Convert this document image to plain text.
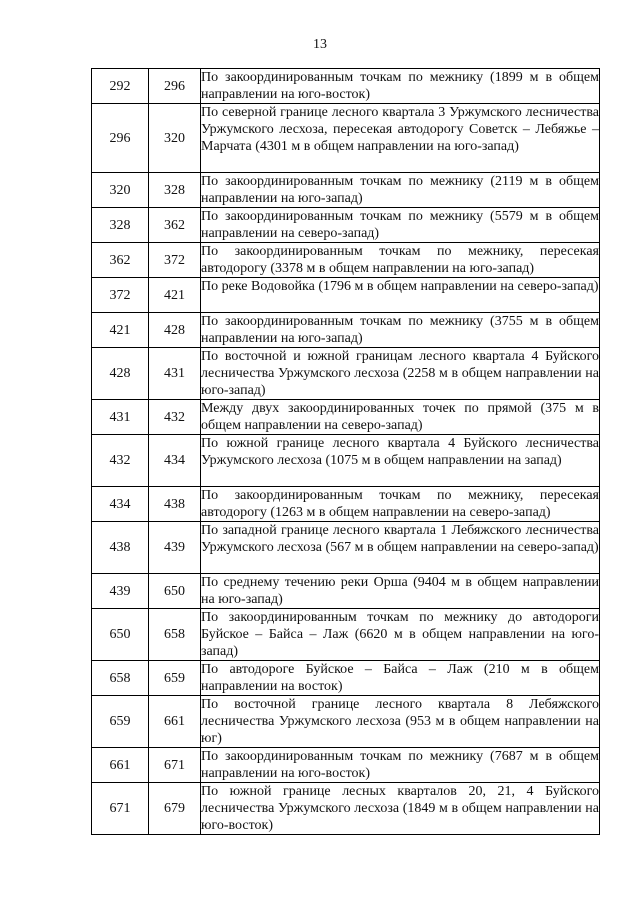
13
292	296	По закоординированным точкам по межнику (1899 м в общем направлении на юго-восток)
296	320	По северной границе лесного квартала 3 Уржумского лесничества Уржумского лесхоза, пересекая автодорогу Советск – Лебяжье – Марчата (4301 м в общем направлении на юго-запад)
320	328	По закоординированным точкам по межнику (2119 м в общем направлении на юго-запад)
328	362	По закоординированным точкам по межнику (5579 м в общем направлении на северо-запад)
362	372	По закоординированным точкам по межнику, пересекая автодорогу (3378 м в общем направлении на юго-запад)
372	421	По реке Водовойка (1796 м в общем направлении на северо-запад)
421	428	По закоординированным точкам по межнику (3755 м в общем направлении на юго-запад)
428	431	По восточной и южной границам лесного квартала 4 Буйского лесничества Уржумского лесхоза (2258 м в общем направлении на юго-запад)
431	432	Между двух закоординированных точек по прямой (375 м в общем направлении на северо-запад)
432	434	По южной границе лесного квартала 4 Буйского лесничества Уржумского лесхоза (1075 м в общем направлении на запад)
434	438	По закоординированным точкам по межнику, пересекая автодорогу (1263 м в общем направлении на северо-запад)
438	439	По западной границе лесного квартала 1 Лебяжского лесничества Уржумского лесхоза (567 м в общем направлении на северо-запад)
439	650	По среднему течению реки Орша (9404 м в общем направлении на юго-запад)
650	658	По закоординированным точкам по межнику до автодороги Буйское – Байса – Лаж (6620 м в общем направлении на юго-запад)
658	659	По автодороге Буйское – Байса – Лаж (210 м в общем направлении на восток)
659	661	По восточной границе лесного квартала 8 Лебяжского лесничества Уржумского лесхоза (953 м в общем направлении на юг)
661	671	По закоординированным точкам по межнику (7687 м в общем направлении на юго-восток)
671	679	По южной границе лесных кварталов 20, 21, 4 Буйского лесничества Уржумского лесхоза (1849 м в общем направлении на юго-восток)
